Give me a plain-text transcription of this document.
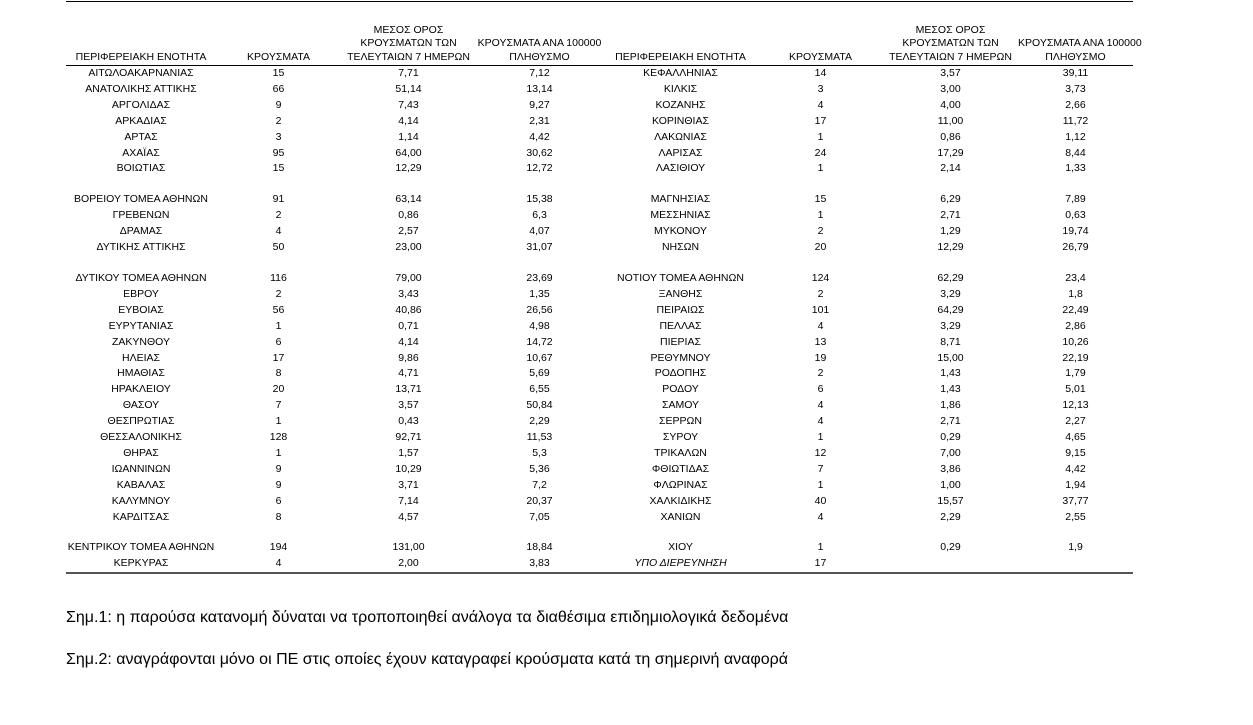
ΠΕΡΙΦΕΡΕΙΑΚΗ ΕΝΟΤΗΤΑ	ΚΡΟΥΣΜΑΤΑ	ΜΕΣΟΣ ΟΡΟΣ
ΚΡΟΥΣΜΑΤΩΝ ΤΩΝ
ΤΕΛΕΥΤΑΙΩΝ 7 ΗΜΕΡΩΝ	ΚΡΟΥΣΜΑΤΑ ΑΝΑ 100000
ΠΛΗΘΥΣΜΟ	ΠΕΡΙΦΕΡΕΙΑΚΗ ΕΝΟΤΗΤΑ	ΚΡΟΥΣΜΑΤΑ	ΜΕΣΟΣ ΟΡΟΣ
ΚΡΟΥΣΜΑΤΩΝ ΤΩΝ
ΤΕΛΕΥΤΑΙΩΝ 7 ΗΜΕΡΩΝ	ΚΡΟΥΣΜΑΤΑ ΑΝΑ 100000
ΠΛΗΘΥΣΜΟ
ΑΙΤΩΛΟΑΚΑΡΝΑΝΙΑΣ	15	7,71	7,12	ΚΕΦΑΛΛΗΝΙΑΣ	14	3,57	39,11
ΑΝΑΤΟΛΙΚΗΣ ΑΤΤΙΚΗΣ	66	51,14	13,14	ΚΙΛΚΙΣ	3	3,00	3,73
ΑΡΓΟΛΙΔΑΣ	9	7,43	9,27	ΚΟΖΑΝΗΣ	4	4,00	2,66
ΑΡΚΑΔΙΑΣ	2	4,14	2,31	ΚΟΡΙΝΘΙΑΣ	17	11,00	11,72
ΑΡΤΑΣ	3	1,14	4,42	ΛΑΚΩΝΙΑΣ	1	0,86	1,12
ΑΧΑΪΑΣ	95	64,00	30,62	ΛΑΡΙΣΑΣ	24	17,29	8,44
ΒΟΙΩΤΙΑΣ	15	12,29	12,72	ΛΑΣΙΘΙΟΥ	1	2,14	1,33

ΒΟΡΕΙΟΥ ΤΟΜΕΑ ΑΘΗΝΩΝ	91	63,14	15,38	ΜΑΓΝΗΣΙΑΣ	15	6,29	7,89
ΓΡΕΒΕΝΩΝ	2	0,86	6,3	ΜΕΣΣΗΝΙΑΣ	1	2,71	0,63
ΔΡΑΜΑΣ	4	2,57	4,07	ΜΥΚΟΝΟΥ	2	1,29	19,74
ΔΥΤΙΚΗΣ ΑΤΤΙΚΗΣ	50	23,00	31,07	ΝΗΣΩΝ	20	12,29	26,79

ΔΥΤΙΚΟΥ ΤΟΜΕΑ ΑΘΗΝΩΝ	116	79,00	23,69	ΝΟΤΙΟΥ ΤΟΜΕΑ ΑΘΗΝΩΝ	124	62,29	23,4
ΕΒΡΟΥ	2	3,43	1,35	ΞΑΝΘΗΣ	2	3,29	1,8
ΕΥΒΟΙΑΣ	56	40,86	26,56	ΠΕΙΡΑΙΩΣ	101	64,29	22,49
ΕΥΡΥΤΑΝΙΑΣ	1	0,71	4,98	ΠΕΛΛΑΣ	4	3,29	2,86
ΖΑΚΥΝΘΟΥ	6	4,14	14,72	ΠΙΕΡΙΑΣ	13	8,71	10,26
ΗΛΕΙΑΣ	17	9,86	10,67	ΡΕΘΥΜΝΟΥ	19	15,00	22,19
ΗΜΑΘΙΑΣ	8	4,71	5,69	ΡΟΔΟΠΗΣ	2	1,43	1,79
ΗΡΑΚΛΕΙΟΥ	20	13,71	6,55	ΡΟΔΟΥ	6	1,43	5,01
ΘΑΣΟΥ	7	3,57	50,84	ΣΑΜΟΥ	4	1,86	12,13
ΘΕΣΠΡΩΤΙΑΣ	1	0,43	2,29	ΣΕΡΡΩΝ	4	2,71	2,27
ΘΕΣΣΑΛΟΝΙΚΗΣ	128	92,71	11,53	ΣΥΡΟΥ	1	0,29	4,65
ΘΗΡΑΣ	1	1,57	5,3	ΤΡΙΚΑΛΩΝ	12	7,00	9,15
ΙΩΑΝΝΙΝΩΝ	9	10,29	5,36	ΦΘΙΩΤΙΔΑΣ	7	3,86	4,42
ΚΑΒΑΛΑΣ	9	3,71	7,2	ΦΛΩΡΙΝΑΣ	1	1,00	1,94
ΚΑΛΥΜΝΟΥ	6	7,14	20,37	ΧΑΛΚΙΔΙΚΗΣ	40	15,57	37,77
ΚΑΡΔΙΤΣΑΣ	8	4,57	7,05	ΧΑΝΙΩΝ	4	2,29	2,55

ΚΕΝΤΡΙΚΟΥ ΤΟΜΕΑ ΑΘΗΝΩΝ	194	131,00	18,84	ΧΙΟΥ	1	0,29	1,9
ΚΕΡΚΥΡΑΣ	4	2,00	3,83	ΥΠΟ ΔΙΕΡΕΥΝΗΣΗ	17		
Σημ.1: η παρούσα κατανομή δύναται να τροποποιηθεί ανάλογα τα διαθέσιμα επιδημιολογικά δεδομένα
Σημ.2: αναγράφονται μόνο οι ΠΕ στις οποίες έχουν καταγραφεί κρούσματα κατά τη σημερινή αναφορά
